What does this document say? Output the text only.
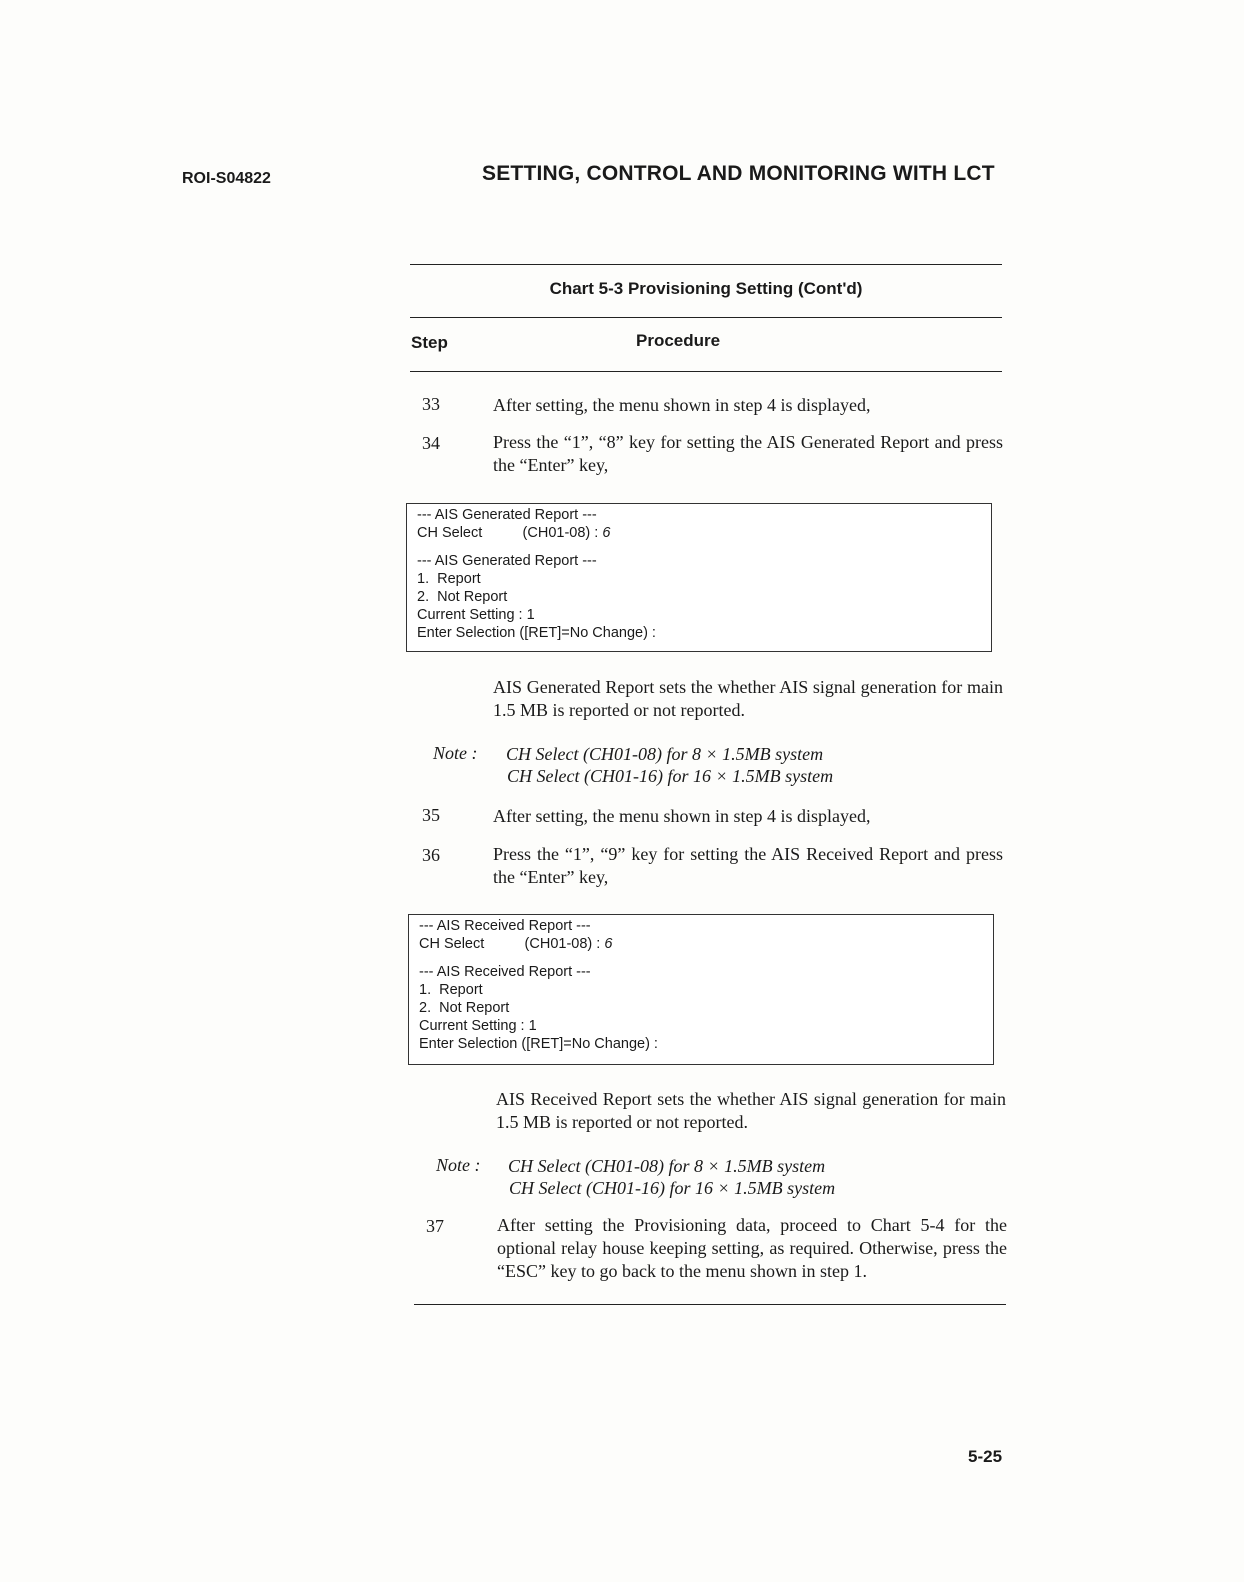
ROI-S04822	SETTING, CONTROL AND MONITORING WITH LCT
Chart 5-3 Provisioning Setting (Cont'd)
Step	Procedure
33	After setting, the menu shown in step 4 is displayed,
34	Press the “1”, “8” key for setting the AIS Generated Report and press the “Enter” key,
--- AIS Generated Report ---
CH Select          (CH01-08) : 6
--- AIS Generated Report ---
1.  Report
2.  Not Report
Current Setting : 1
Enter Selection ([RET]=No Change) :
AIS Generated Report sets the whether AIS signal generation for main 1.5 MB is reported or not reported.
Note : CH Select (CH01-08) for 8 × 1.5MB system
CH Select (CH01-16) for 16 × 1.5MB system
35	After setting, the menu shown in step 4 is displayed,
36	Press the “1”, “9” key for setting the AIS Received Report and press the “Enter” key,
--- AIS Received Report ---
CH Select          (CH01-08) : 6
--- AIS Received Report ---
1.  Report
2.  Not Report
Current Setting : 1
Enter Selection ([RET]=No Change) :
AIS Received Report sets the whether AIS signal generation for main 1.5 MB is reported or not reported.
Note : CH Select (CH01-08) for 8 × 1.5MB system
CH Select (CH01-16) for 16 × 1.5MB system
37	After setting the Provisioning data, proceed to Chart 5-4 for the optional relay house keeping setting, as required. Otherwise, press the “ESC” key to go back to the menu shown in step 1.
5-25
